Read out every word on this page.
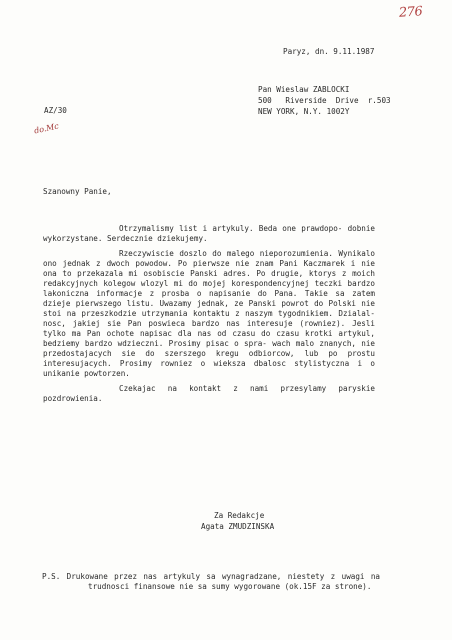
276
Paryz, dn. 9.11.1987
Pan Wieslaw ZABLOCKI
500   Riverside  Drive  r.503
NEW YORK, N.Y. 1002Y
AZ/30
do.Mc
Szanowny Panie,

Otrzymalismy list i artykuly. Beda one prawdopo- dobnie wykorzystane. Serdecznie dziekujemy.

Rzeczywiscie doszlo do malego nieporozumienia. Wynikalo ono jednak z dwoch powodow. Po pierwsze nie znam Pani Kaczmarek i nie ona to przekazala mi osobiscie Panski adres. Po drugie, ktorys z moich redakcyjnych kolegow wlozyl mi do mojej korespondencyjnej teczki bardzo lakoniczna informacje z prosba o napisanie do Pana. Takie sa zatem dzieje pierwszego listu. Uwazamy jednak, ze Panski powrot do Polski nie stoi na przeszkodzie utrzymania kontaktu z naszym tygodnikiem. Dzialal- nosc, jakiej sie Pan poswieca bardzo nas interesuje (rowniez). Jesli tylko ma Pan ochote napisac dla nas od czasu do czasu krotki artykul, bedziemy bardzo wdzieczni. Prosimy pisac o spra- wach malo znanych, nie przedostajacych sie do szerszego kregu odbiorcow, lub po prostu interesujacych. Prosimy rowniez o wieksza dbalosc stylistyczna i o unikanie powtorzen.

Czekajac na kontakt z nami przesylamy paryskie pozdrowienia.

Za Redakcje
Agata ZMUDZINSKA

P.S. Drukowane przez nas artykuly sa wynagradzane, niestety z uwagi na trudnosci finansowe nie sa sumy wygorowane (ok.15F za strone).
